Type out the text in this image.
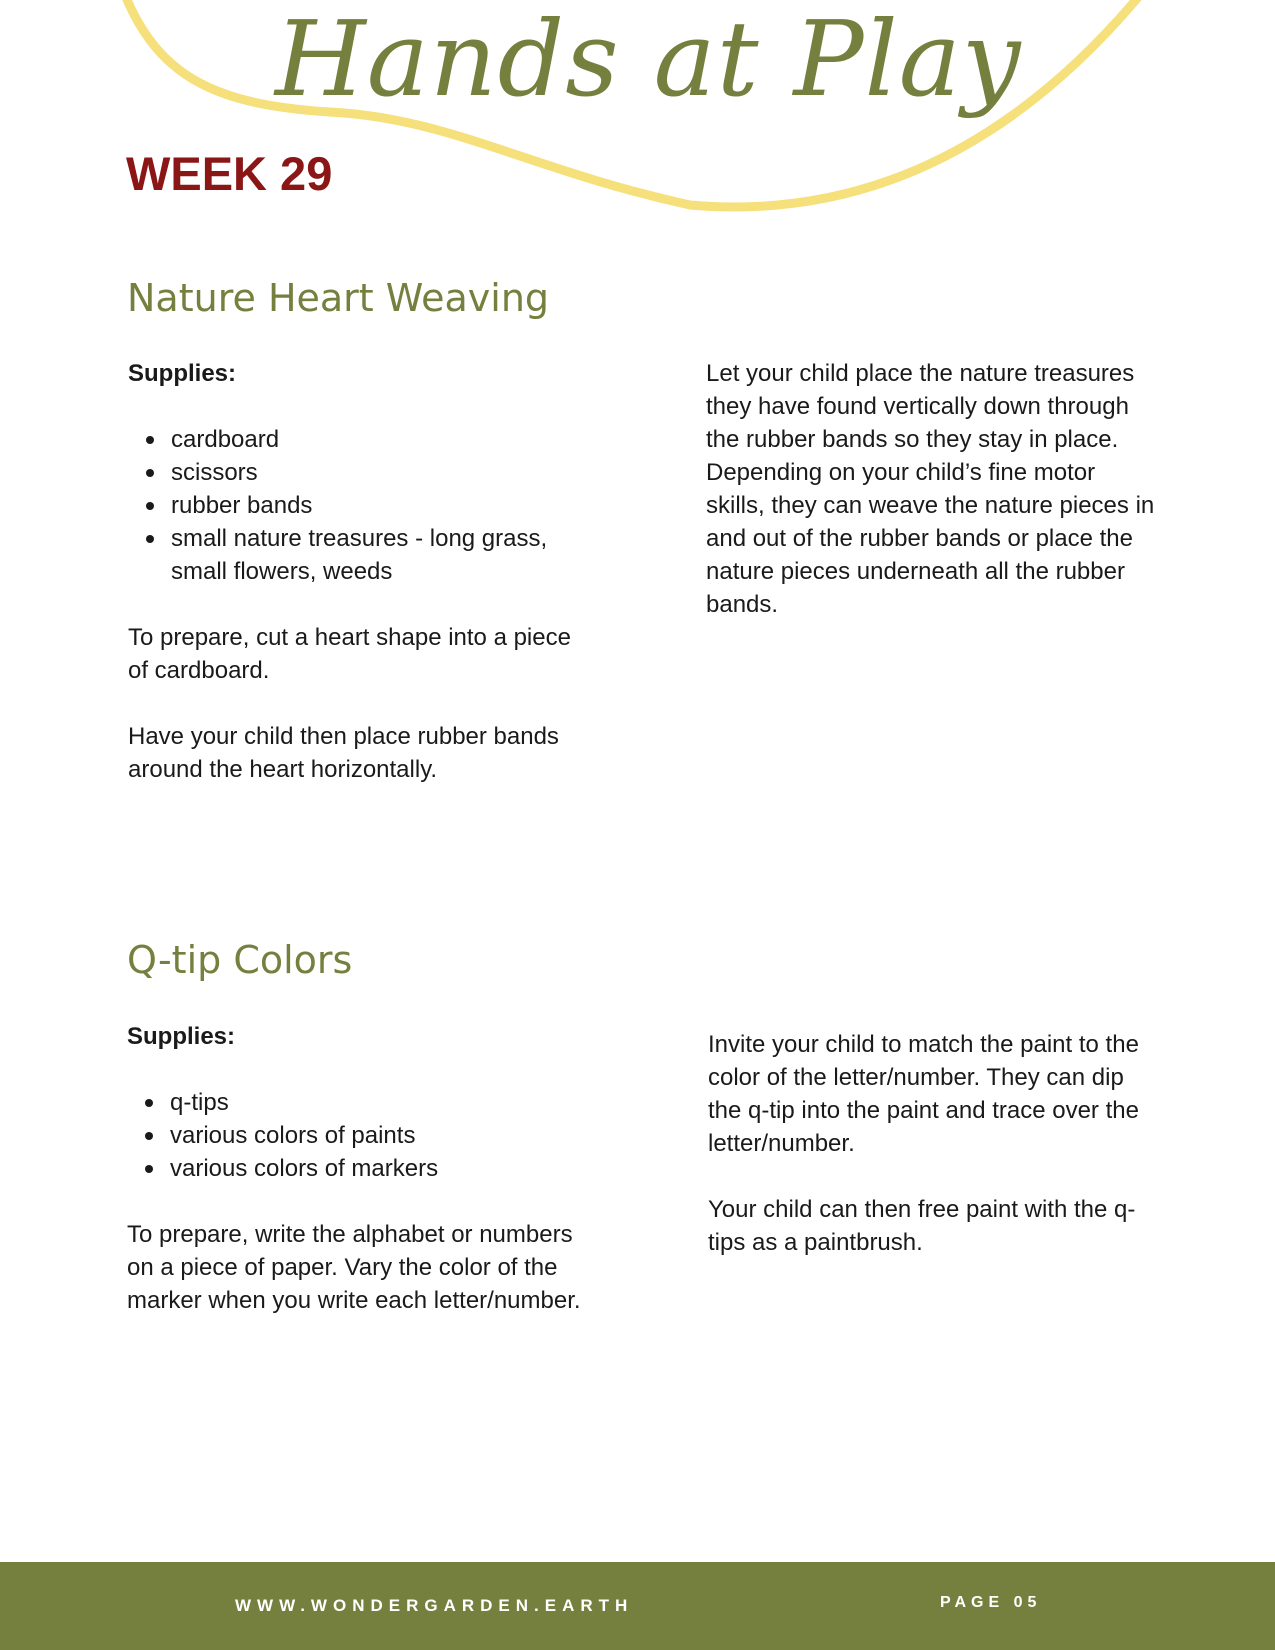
Hands at Play
WEEK 29
Nature Heart Weaving

Supplies:

cardboard
scissors
rubber bands
small nature treasures - long grass, small flowers, weeds

To prepare, cut a heart shape into a piece of cardboard.

Have your child then place rubber bands around the heart horizontally.

Let your child place the nature treasures they have found vertically down through the rubber bands so they stay in place. Depending on your child’s fine motor skills, they can weave the nature pieces in and out of the rubber bands or place the nature pieces underneath all the rubber bands.

Q-tip Colors

Supplies:

q-tips
various colors of paints
various colors of markers

To prepare, write the alphabet or numbers on a piece of paper. Vary the color of the marker when you write each letter/number.

Invite your child to match the paint to the color of the letter/number. They can dip the q-tip into the paint and trace over the letter/number.

Your child can then free paint with the q-tips as a paintbrush.

WWW.WONDERGARDEN.EARTH	PAGE 05
